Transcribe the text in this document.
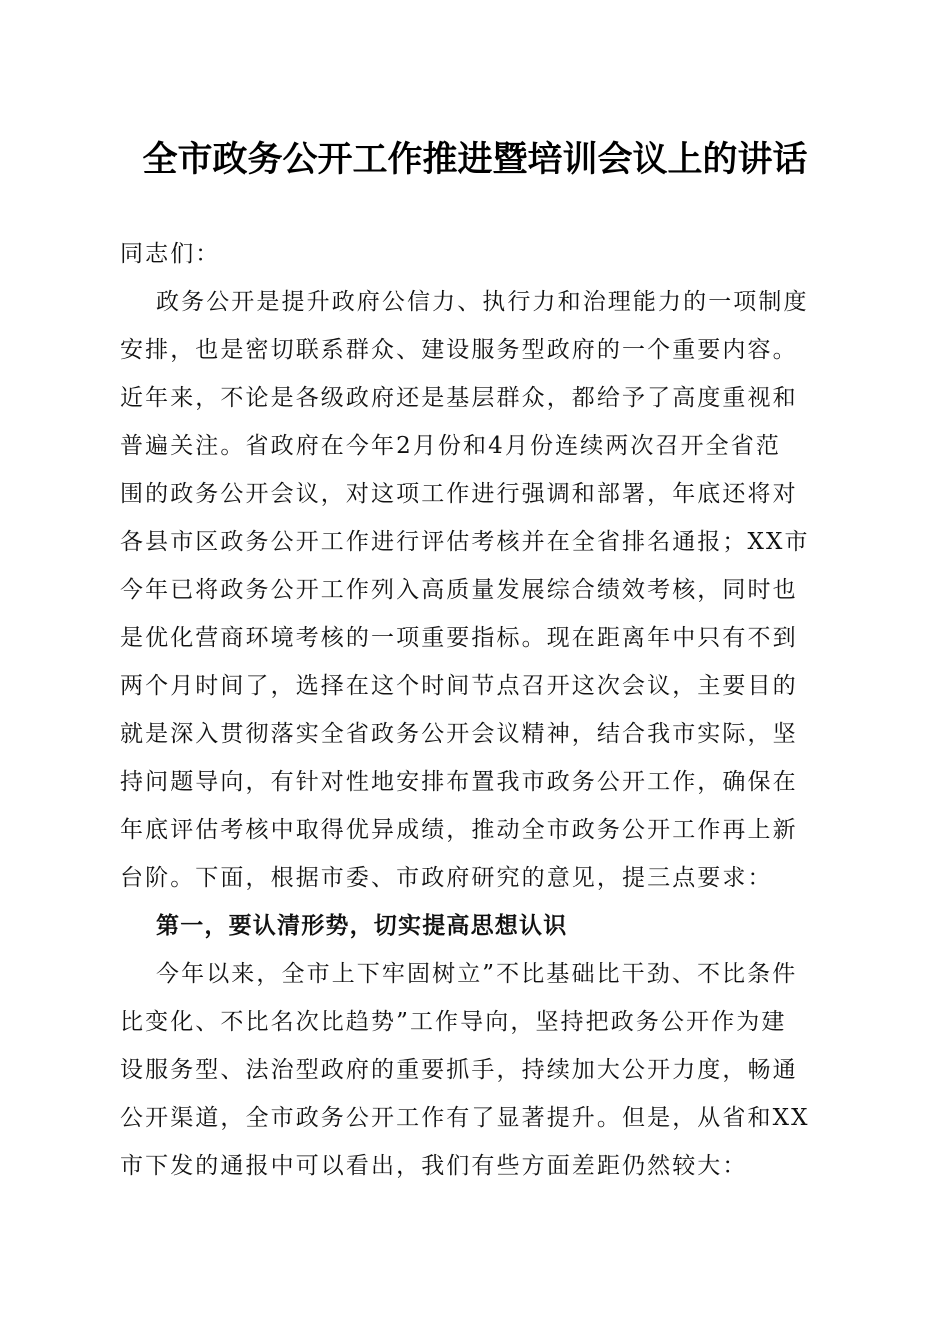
全市政务公开工作推进暨培训会议上的讲话
同志们：
政务公开是提升政府公信力、执行力和治理能力的一项制度
安排，也是密切联系群众、建设服务型政府的一个重要内容。
近年来，不论是各级政府还是基层群众，都给予了高度重视和
普遍关注。省政府在今年2月份和4月份连续两次召开全省范
围的政务公开会议，对这项工作进行强调和部署，年底还将对
各县市区政务公开工作进行评估考核并在全省排名通报；XX市
今年已将政务公开工作列入高质量发展综合绩效考核，同时也
是优化营商环境考核的一项重要指标。现在距离年中只有不到
两个月时间了，选择在这个时间节点召开这次会议，主要目的
就是深入贯彻落实全省政务公开会议精神，结合我市实际，坚
持问题导向，有针对性地安排布置我市政务公开工作，确保在
年底评估考核中取得优异成绩，推动全市政务公开工作再上新
台阶。下面，根据市委、市政府研究的意见，提三点要求：
第一，要认清形势，切实提高思想认识
今年以来，全市上下牢固树立”不比基础比干劲、不比条件
比变化、不比名次比趋势”工作导向，坚持把政务公开作为建
设服务型、法治型政府的重要抓手，持续加大公开力度，畅通
公开渠道，全市政务公开工作有了显著提升。但是，从省和XX
市下发的通报中可以看出，我们有些方面差距仍然较大：
